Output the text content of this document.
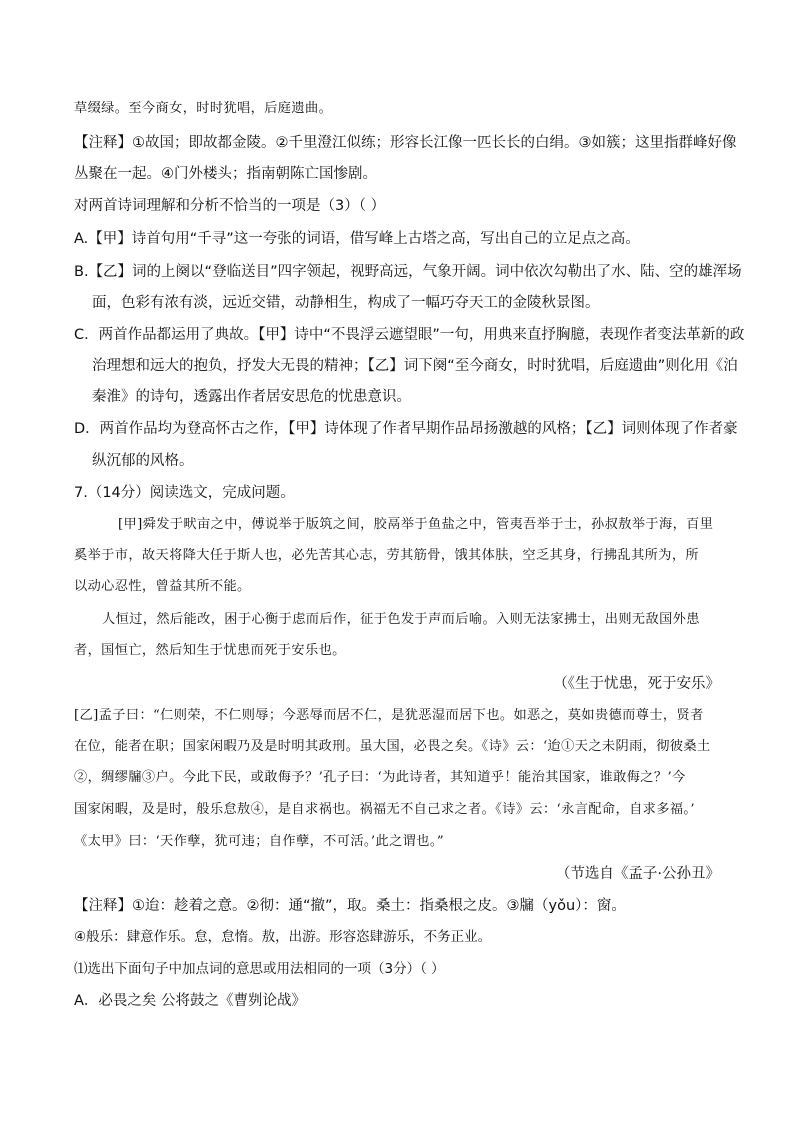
草缀绿。至今商女，时时犹唱，后庭遗曲。
【注释】①故国；即故都金陵。②千里澄江似练；形容长江像一匹长长的白绢。③如簇；这里指群峰好像
丛聚在一起。④门外楼头；指南朝陈亡国惨剧。
对两首诗词理解和分析不恰当的一项是（3）（ ）
A.【甲】诗首句用“千寻”这一夸张的词语，借写峰上古塔之高，写出自己的立足点之高。
B.【乙】词的上阕以“登临送目”四字领起，视野高远，气象开阔。词中依次勾勒出了水、陆、空的雄浑场
面，色彩有浓有淡，远近交错，动静相生，构成了一幅巧夺天工的金陵秋景图。
C．两首作品都运用了典故。【甲】诗中“不畏浮云遮望眼”一句，用典来直抒胸臆，表现作者变法革新的政
治理想和远大的抱负，抒发大无畏的精神；【乙】词下阕“至今商女，时时犹唱，后庭遗曲”则化用《泊
秦淮》的诗句，透露出作者居安思危的忧患意识。
D．两首作品均为登高怀古之作，【甲】诗体现了作者早期作品昂扬激越的风格；【乙】词则体现了作者豪
纵沉郁的风格。
7.（14分）阅读选文，完成问题。
[甲]舜发于畎亩之中，傅说举于版筑之间，胶鬲举于鱼盐之中，管夷吾举于士，孙叔敖举于海，百里
奚举于市，故天将降大任于斯人也，必先苦其心志，劳其筋骨，饿其体肤，空乏其身，行拂乱其所为，所
以动心忍性，曾益其所不能。
人恒过，然后能改，困于心衡于虑而后作，征于色发于声而后喻。入则无法家拂士，出则无敌国外患
者，国恒亡，然后知生于忧患而死于安乐也。
（《生于忧患，死于安乐》
[乙]孟子曰：“仁则荣，不仁则辱；今恶辱而居不仁，是犹恶湿而居下也。如恶之，莫如贵德而尊士，贤者
在位，能者在职；国家闲暇乃及是时明其政刑。虽大国，必畏之矣。《诗》云：‘迨①天之未阴雨，彻彼桑土
②，绸缪牖③户。今此下民，或敢侮予？’孔子曰：‘为此诗者，其知道乎！能治其国家，谁敢侮之？’今
国家闲暇，及是时，般乐怠敖④，是自求祸也。祸福无不自己求之者。《诗》云：‘永言配命，自求多福。’
《太甲》曰：‘天作孽，犹可违；自作孽，不可活。’此之谓也。”
（节选自《孟子·公孙丑》
【注释】①迨：趁着之意。②彻：通“撤”，取。桑土：指桑根之皮。③牖（yǒu）：窗。
④般乐：肆意作乐。怠，怠惰。敖，出游。形容恣肆游乐，不务正业。
⑴选出下面句子中加点词的意思或用法相同的一项（3分）（ ）
A．必畏之矣 公将鼓之《曹刿论战》
